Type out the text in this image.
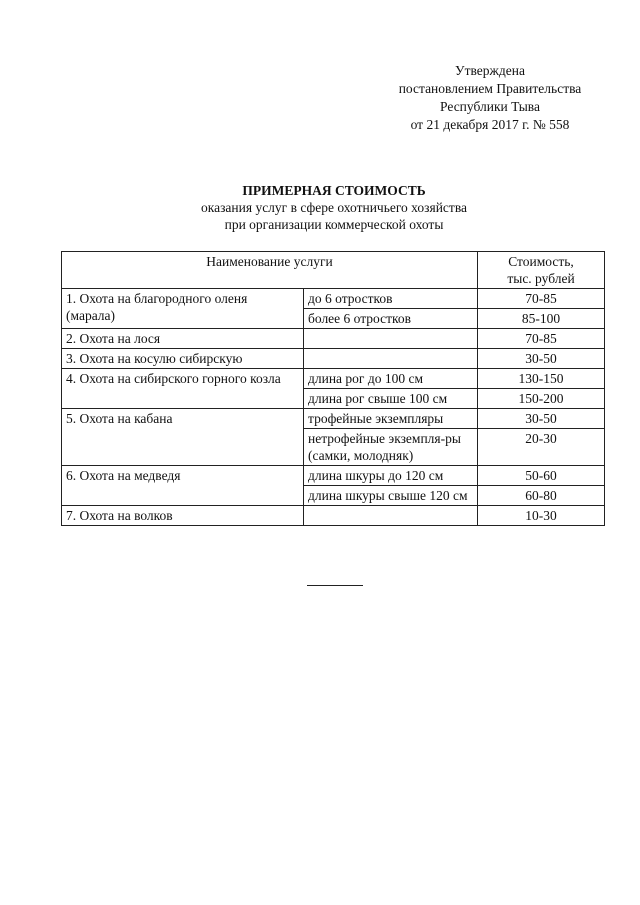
Утверждена
постановлением Правительства
Республики Тыва
от 21 декабря 2017 г. № 558
ПРИМЕРНАЯ СТОИМОСТЬ
оказания услуг в сфере охотничьего хозяйства
при организации коммерческой охоты
Наименование услуги		Стоимость,
тыс. рублей

1. Охота на благородного оленя (марала)	до 6 отростков	70-85
	более 6 отростков	85-100
2. Охота на лося		70-85
3. Охота на косулю сибирскую		30-50
4. Охота на сибирского горного козла	длина рог до 100 см	130-150
	длина рог свыше 100 см	150-200
5. Охота на кабана	трофейные экземпляры	30-50
	нетрофейные экземпля-ры (самки, молодняк)	20-30
6. Охота на медведя	длина шкуры до 120 см	50-60
	длина шкуры свыше 120 см	60-80
7. Охота на волков		10-30
